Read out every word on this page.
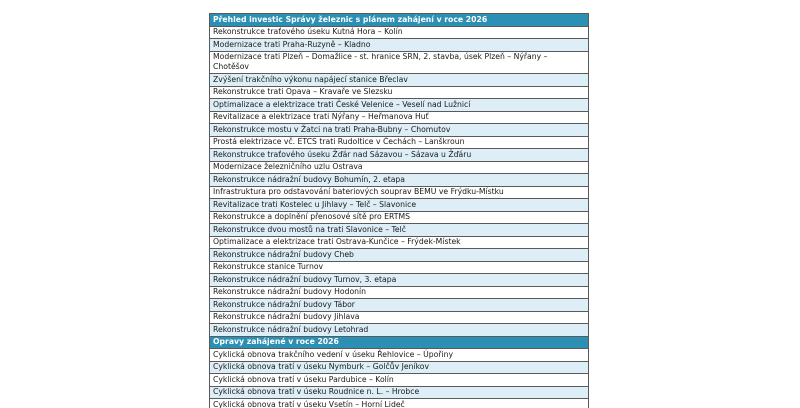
Přehled investic Správy železnic s plánem zahájení v roce 2026
Rekonstrukce traťového úseku Kutná Hora – Kolín
Modernizace trati Praha-Ruzyně – Kladno
Modernizace trati Plzeň – Domažlice - st. hranice SRN, 2. stavba, úsek Plzeň – Nýřany – Chotěšov
Zvýšení trakčního výkonu napájecí stanice Břeclav
Rekonstrukce trati Opava – Kravaře ve Slezsku
Optimalizace a elektrizace trati České Velenice – Veselí nad Lužnicí
Revitalizace a elektrizace trati Nýřany – Heřmanova Huť
Rekonstrukce mostu v Žatci na trati Praha-Bubny – Chomutov
Prostá elektrizace vč. ETCS trati Rudoltice v Čechách – Lanškroun
Rekonstrukce traťového úseku Žďár nad Sázavou – Sázava u Žďáru
Modernizace železničního uzlu Ostrava
Rekonstrukce nádražní budovy Bohumín, 2. etapa
Infrastruktura pro odstavování bateriových souprav BEMU ve Frýdku-Místku
Revitalizace trati Kostelec u Jihlavy – Telč – Slavonice
Rekonstrukce a doplnění přenosové sítě pro ERTMS
Rekonstrukce dvou mostů na trati Slavonice – Telč
Optimalizace a elektrizace trati Ostrava-Kunčice – Frýdek-Místek
Rekonstrukce nádražní budovy Cheb
Rekonstrukce stanice Turnov
Rekonstrukce nádražní budovy Turnov, 3. etapa
Rekonstrukce nádražní budovy Hodonín
Rekonstrukce nádražní budovy Tábor
Rekonstrukce nádražní budovy Jihlava
Rekonstrukce nádražní budovy Letohrad
Opravy zahájené v roce 2026
Cyklická obnova trakčního vedení v úseku Řehlovice – Úpořiny
Cyklická obnova tratí v úseku Nymburk – Golčův Jeníkov
Cyklická obnova tratí v úseku Pardubice – Kolín
Cyklická obnova tratí v úseku Roudnice n. L. – Hrobce
Cyklická obnova tratí v úseku Vsetín – Horní Lideč
